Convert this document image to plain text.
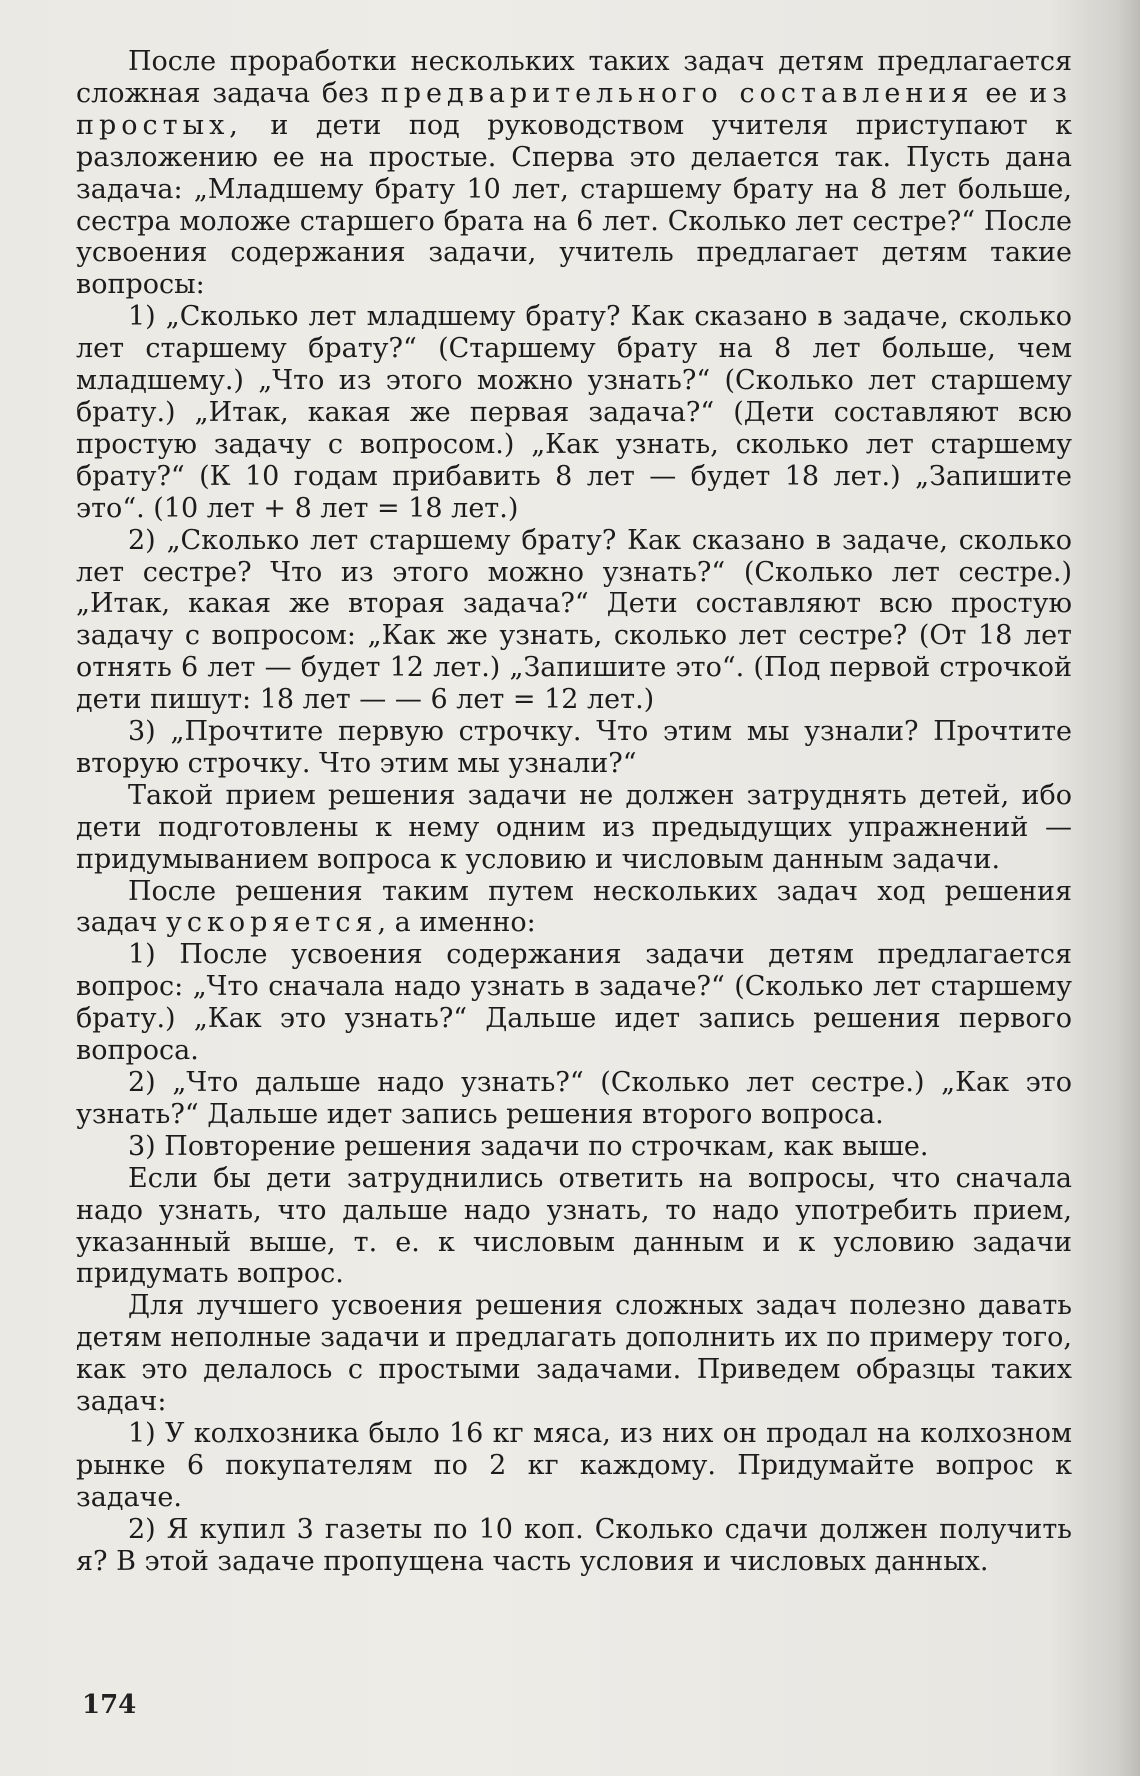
После проработки нескольких таких задач детям предлагается сложная задача без предварительного составления ее из простых, и дети под руководством учителя приступают к разложению ее на простые. Сперва это делается так. Пусть дана задача: „Младшему брату 10 лет, старшему брату на 8 лет больше, сестра моложе старшего брата на 6 лет. Сколько лет сестре?“ После усвоения содержания задачи, учитель предлагает детям такие вопросы:

1) „Сколько лет младшему брату? Как сказано в задаче, сколько лет старшему брату?“ (Старшему брату на 8 лет больше, чем младшему.) „Что из этого можно узнать?“ (Сколько лет старшему брату.) „Итак, какая же первая задача?“ (Дети составляют всю простую задачу с вопросом.) „Как узнать, сколько лет старшему брату?“ (К 10 годам прибавить 8 лет — будет 18 лет.) „Запишите это“. (10 лет + 8 лет = 18 лет.)

2) „Сколько лет старшему брату? Как сказано в задаче, сколько лет сестре? Что из этого можно узнать?“ (Сколько лет сестре.) „Итак, какая же вторая задача?“ Дети составляют всю простую задачу с вопросом: „Как же узнать, сколько лет сестре? (От 18 лет отнять 6 лет — будет 12 лет.) „Запишите это“. (Под первой строчкой дети пишут: 18 лет — — 6 лет = 12 лет.)

3) „Прочтите первую строчку. Что этим мы узнали? Прочтите вторую строчку. Что этим мы узнали?“

Такой прием решения задачи не должен затруднять детей, ибо дети подготовлены к нему одним из предыдущих упражнений — придумыванием вопроса к условию и числовым данным задачи.

После решения таким путем нескольких задач ход решения задач ускоряется, а именно:

1) После усвоения содержания задачи детям предлагается вопрос: „Что сначала надо узнать в задаче?“ (Сколько лет старшему брату.) „Как это узнать?“ Дальше идет запись решения первого вопроса.

2) „Что дальше надо узнать?“ (Сколько лет сестре.) „Как это узнать?“ Дальше идет запись решения второго вопроса.

3) Повторение решения задачи по строчкам, как выше.

Если бы дети затруднились ответить на вопросы, что сначала надо узнать, что дальше надо узнать, то надо употребить прием, указанный выше, т. е. к числовым данным и к условию задачи придумать вопрос.

Для лучшего усвоения решения сложных задач полезно давать детям неполные задачи и предлагать дополнить их по примеру того, как это делалось с простыми задачами. Приведем образцы таких задач:

1) У колхозника было 16 кг мяса, из них он продал на колхозном рынке 6 покупателям по 2 кг каждому. Придумайте вопрос к задаче.

2) Я купил 3 газеты по 10 коп. Сколько сдачи должен получить я? В этой задаче пропущена часть условия и числовых данных.

174
